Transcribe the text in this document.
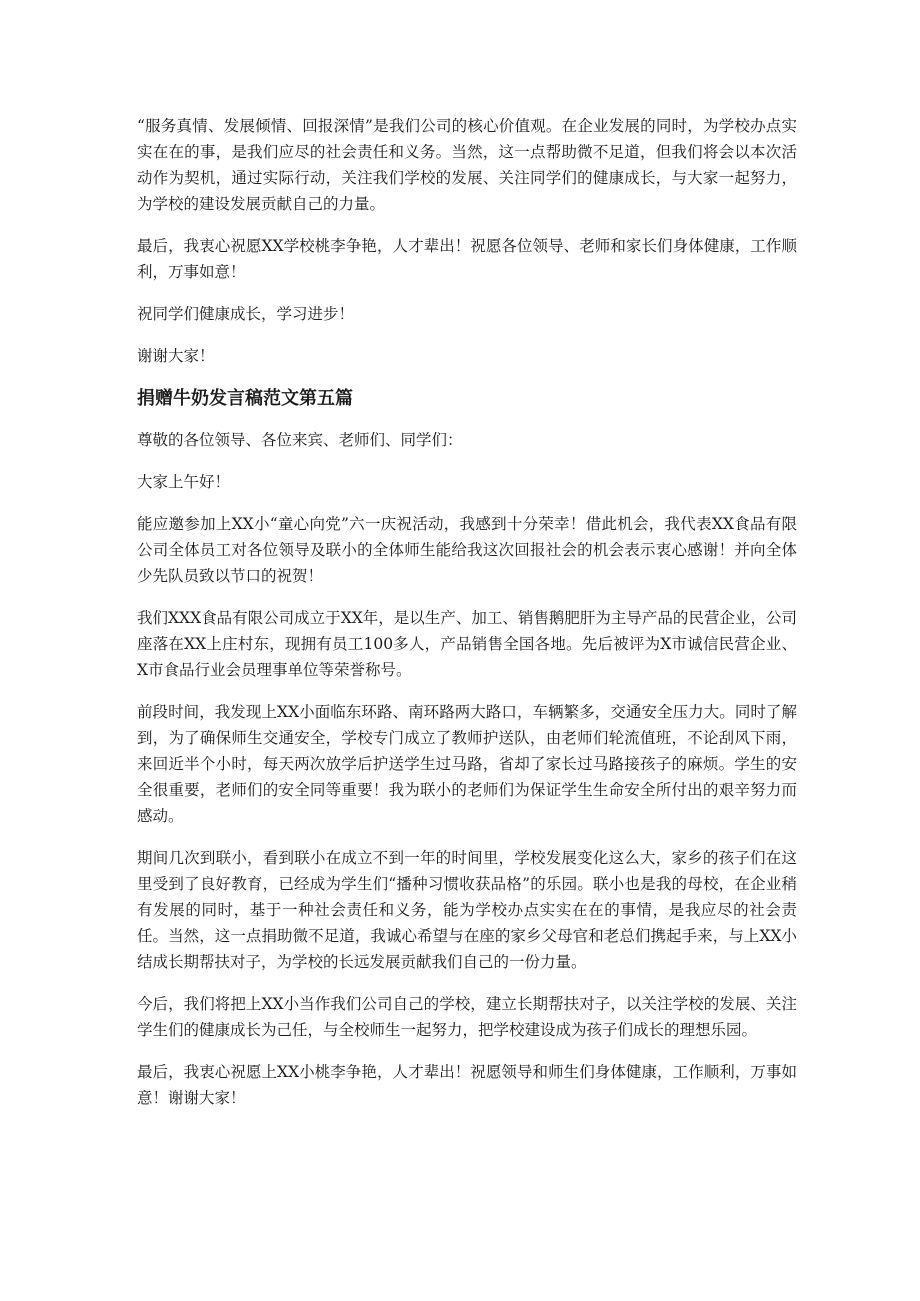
“服务真情、发展倾情、回报深情”是我们公司的核心价值观。在企业发展的同时，为学校办点实实在在的事，是我们应尽的社会责任和义务。当然，这一点帮助微不足道，但我们将会以本次活动作为契机，通过实际行动，关注我们学校的发展、关注同学们的健康成长，与大家一起努力，为学校的建设发展贡献自己的力量。

最后，我衷心祝愿XX学校桃李争艳，人才辈出！祝愿各位领导、老师和家长们身体健康，工作顺利，万事如意！

祝同学们健康成长，学习进步！

谢谢大家！

捐赠牛奶发言稿范文第五篇

尊敬的各位领导、各位来宾、老师们、同学们：

大家上午好！

能应邀参加上XX小“童心向党”六一庆祝活动，我感到十分荣幸！借此机会，我代表XX食品有限公司全体员工对各位领导及联小的全体师生能给我这次回报社会的机会表示衷心感谢！并向全体少先队员致以节口的祝贺！

我们XXX食品有限公司成立于XX年，是以生产、加工、销售鹅肥肝为主导产品的民营企业，公司座落在XX上庄村东，现拥有员工100多人，产品销售全国各地。先后被评为X市诚信民营企业、X市食品行业会员理事单位等荣誉称号。

前段时间，我发现上XX小面临东环路、南环路两大路口，车辆繁多，交通安全压力大。同时了解到，为了确保师生交通安全，学校专门成立了教师护送队，由老师们轮流值班，不论刮风下雨，来回近半个小时，每天两次放学后护送学生过马路，省却了家长过马路接孩子的麻烦。学生的安全很重要，老师们的安全同等重要！我为联小的老师们为保证学生生命安全所付出的艰辛努力而感动。

期间几次到联小，看到联小在成立不到一年的时间里，学校发展变化这么大，家乡的孩子们在这里受到了良好教育，已经成为学生们“播种习惯收获品格”的乐园。联小也是我的母校，在企业稍有发展的同时，基于一种社会责任和义务，能为学校办点实实在在的事情，是我应尽的社会责任。当然，这一点捐助微不足道，我诚心希望与在座的家乡父母官和老总们携起手来，与上XX小结成长期帮扶对子，为学校的长远发展贡献我们自己的一份力量。

今后，我们将把上XX小当作我们公司自己的学校，建立长期帮扶对子，以关注学校的发展、关注学生们的健康成长为己任，与全校师生一起努力，把学校建设成为孩子们成长的理想乐园。

最后，我衷心祝愿上XX小桃李争艳，人才辈出！祝愿领导和师生们身体健康，工作顺利，万事如意！谢谢大家！
